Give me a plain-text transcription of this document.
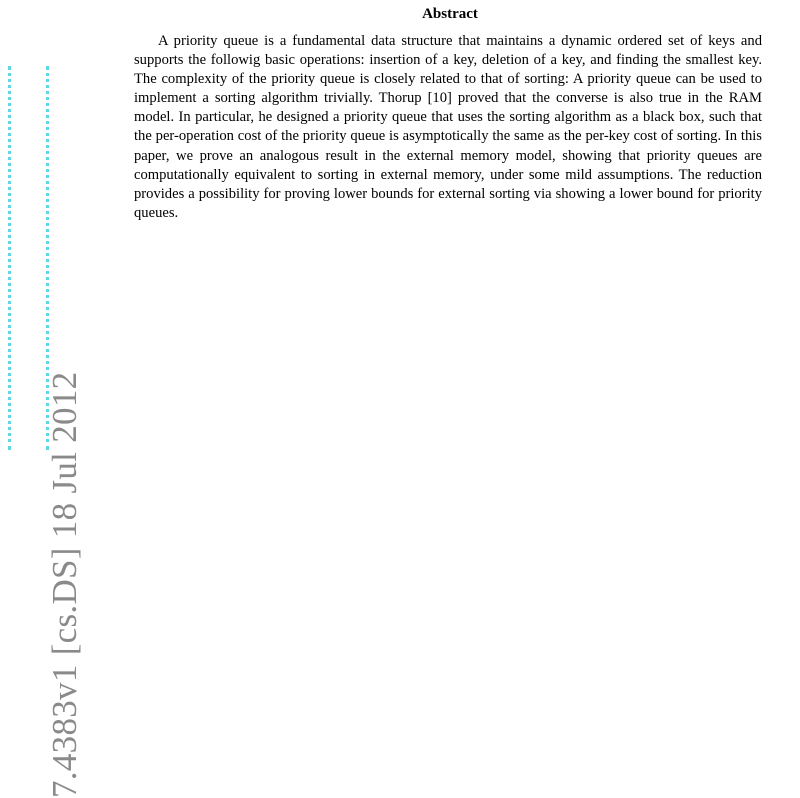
7.4383v1 [cs.DS] 18 Jul 2012
Abstract

A priority queue is a fundamental data structure that maintains a dynamic ordered set of keys and supports the followig basic operations: insertion of a key, deletion of a key, and finding the smallest key. The complexity of the priority queue is closely related to that of sorting: A priority queue can be used to implement a sorting algorithm trivially. Thorup [10] proved that the converse is also true in the RAM model. In particular, he designed a priority queue that uses the sorting algorithm as a black box, such that the per-operation cost of the priority queue is asymptotically the same as the per-key cost of sorting. In this paper, we prove an analogous result in the external memory model, showing that priority queues are computationally equivalent to sorting in external memory, under some mild assumptions. The reduction provides a possibility for proving lower bounds for external sorting via showing a lower bound for priority queues.
